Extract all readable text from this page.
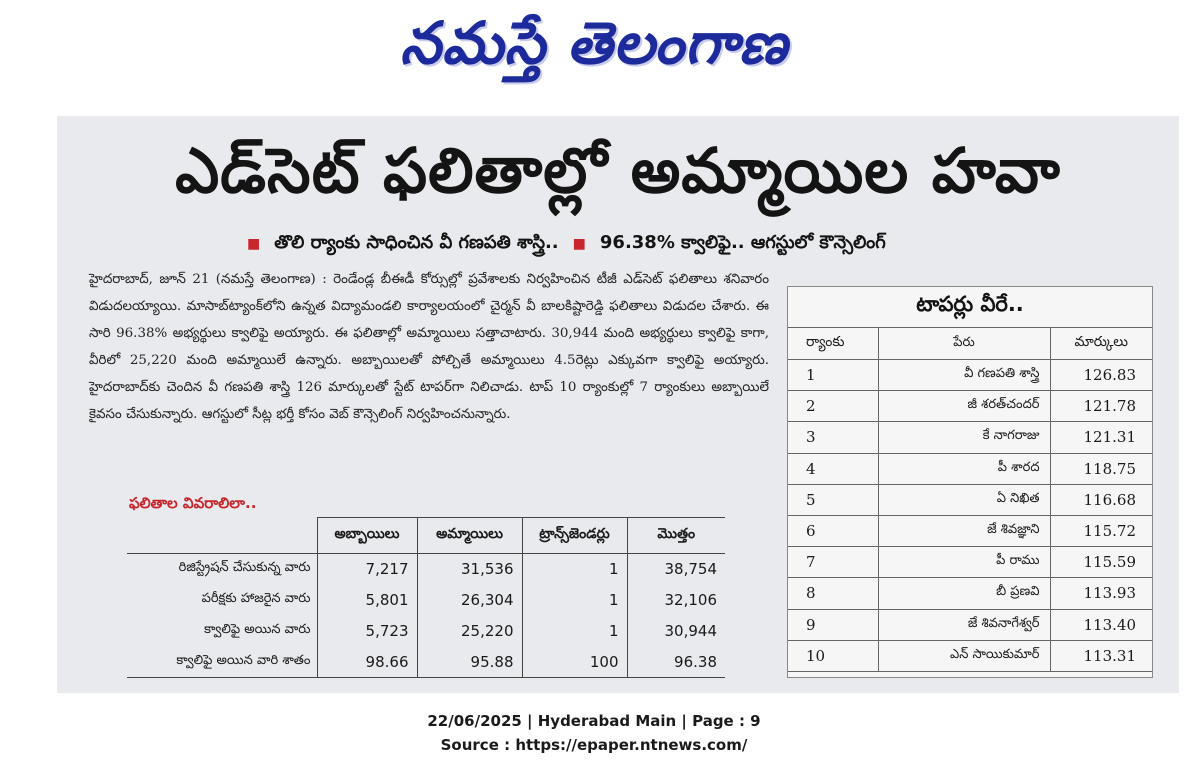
నమస్తే తెలంగాణ
ఎడ్‌సెట్ ఫలితాల్లో అమ్మాయిల హవా
■ తొలి ర్యాంకు సాధించిన వీ గణపతి శాస్త్రి.. ■ 96.38% క్వాలిఫై.. ఆగస్టులో కౌన్సెలింగ్
హైదరాబాద్, జూన్ 21 (నమస్తే తెలంగాణ) : రెండేండ్ల బీఈడీ కోర్సుల్లో ప్రవేశాలకు నిర్వహించిన టీజీ ఎడ్‌సెట్ ఫలితాలు శనివారం విడుదలయ్యాయి. మాసాబ్‌ట్యాంక్‌లోని ఉన్నత విద్యామండలి కార్యాలయంలో చైర్మన్ వీ బాలకిష్టారెడ్డి ఫలితాలు విడుదల చేశారు. ఈ సారి 96.38% అభ్యర్థులు క్వాలిఫై అయ్యారు. ఈ ఫలితాల్లో అమ్మాయిలు సత్తాచాటారు. 30,944 మంది అభ్యర్థులు క్వాలిఫై కాగా, వీరిలో 25,220 మంది అమ్మాయిలే ఉన్నారు. అబ్బాయిలతో పోల్చితే అమ్మాయిలు 4.5రెట్లు ఎక్కువగా క్వాలిఫై అయ్యారు. హైదరాబాద్‌కు చెందిన వీ గణపతి శాస్త్రి 126 మార్కులతో స్టేట్ టాపర్‌గా నిలిచాడు. టాప్ 10 ర్యాంకుల్లో 7 ర్యాంకులు అబ్బాయిలే కైవసం చేసుకున్నారు. ఆగస్టులో సీట్ల భర్తీ కోసం వెబ్ కౌన్సెలింగ్ నిర్వహించనున్నారు.
ఫలితాల వివరాలిలా..
	అబ్బాయిలు	అమ్మాయిలు	ట్రాన్స్‌జెండర్లు	మొత్తం
రిజిస్ట్రేషన్ చేసుకున్న వారు	7,217	31,536	1	38,754
పరీక్షకు హాజరైన వారు	5,801	26,304	1	32,106
క్వాలిఫై అయిన వారు	5,723	25,220	1	30,944
క్వాలిఫై అయిన వారి శాతం	98.66	95.88	100	96.38
టాపర్లు వీరే..
ర్యాంకు	పేరు	మార్కులు
1	వీ గణపతి శాస్త్రి	126.83
2	జీ శరత్‌చందర్	121.78
3	కే నాగరాజు	121.31
4	పీ శారద	118.75
5	ఏ నిఖిత	116.68
6	జే శివజ్ఞాని	115.72
7	పీ రాము	115.59
8	బీ ప్రణవి	113.93
9	జే శివనాగేశ్వర్	113.40
10	ఎన్ సాయికుమార్	113.31
22/06/2025 | Hyderabad Main | Page : 9
Source : https://epaper.ntnews.com/
